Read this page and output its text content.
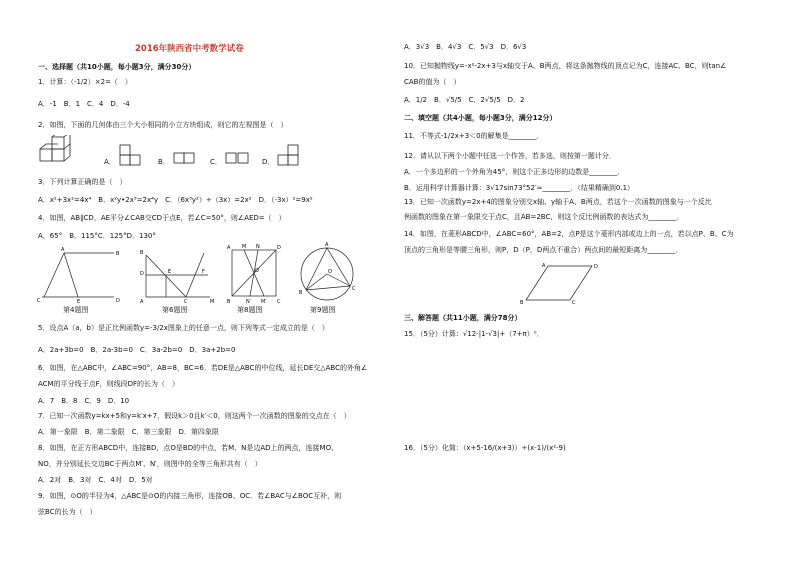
2016年陕西省中考数学试卷
一、选择题（共10小题，每小题3分，满分30分）
1．计算：（-1/2）×2=（　）
A．-1　B．1　C．4　D．-4
2．如图，下面的几何体由三个大小相同的小立方块组成，则它的左视图是（　）
A．	B．	C．	D．
3．下列计算正确的是（　）
A．x²+3x²=4x⁴　B．x²y•2x³=2x⁴y　C．（6x³y²）÷（3x）=2x²　D．（-3x）²=9x²
4．如图，AB∥CD，AE平分∠CAB交CD于点E，若∠C=50°，则∠AED=（　）
A．65°　B．115°C．125°D．130°
A
B
C	E	D
B
D	E	F
A	C	M
A M N	D
O
B	N′ M′ C
A
O
B
C
第4题图	第6题图	第8题图	第9题图
5．设点A（a，b）是正比例函数y=-3/2x图象上的任意一点，则下列等式一定成立的是（　）
A．2a+3b=0　B．2a-3b=0　C．3a-2b=0　D．3a+2b=0
6．如图，在△ABC中，∠ABC=90°，AB=8，BC=6．若DE是△ABC的中位线，延长DE交△ABC的外角∠
ACM的平分线于点F，则线段DF的长为（　）
A．7　B．8　C．9　D．10
7．已知一次函数y=kx+5和y=k′x+7，假设k＞0且k′＜0，则这两个一次函数的图象的交点在（　）
A．第一象限　B．第二象限　C．第三象限　D．第四象限
8．如图，在正方形ABCD中，连接BD，点O是BD的中点，若M、N是边AD上的两点，连接MO、
NO，并分别延长交边BC于两点M′、N′，则图中的全等三角形共有（　）
A．2对　B．3对　C．4对　D．5对
9．如图，⊙O的半径为4，△ABC是⊙O的内接三角形，连接OB、OC．若∠BAC与∠BOC互补，则
弦BC的长为（　）
A．3√3　B．4√3　C．5√3　D．6√3
10．已知抛物线y=-x²-2x+3与x轴交于A、B两点，将这条抛物线的顶点记为C，连接AC、BC，则tan∠
CAB的值为（　）
A．1/2　B．√5/5　C．2√5/5　D．2
二、填空题（共4小题，每小题3分，满分12分）
11．不等式-1/2x+3＜0的解集是________．
12．请从以下两个小题中任选一个作答，若多选，则按第一题计分．
A．一个多边形的一个外角为45°，则这个正多边形的边数是________．
B．运用科学计算器计算：3√17sin73°52′≈________．（结果精确到0.1）
13．已知一次函数y=2x+4的图象分别交x轴、y轴于A、B两点，若这个一次函数的图象与一个反比
例函数的图象在第一象限交于点C，且AB=2BC，则这个反比例函数的表达式为________．
14．如图，在菱形ABCD中，∠ABC=60°，AB=2，点P是这个菱形内部或边上的一点，若以点P、B、C为
顶点的三角形是等腰三角形，则P，D（P，D两点不重合）两点间的最短距离为________．
A	D
B	C
三、解答题（共11小题，满分78分）
15．（5分）计算：√12-|1-√3|+（7+π）⁰．
16．（5分）化简：（x+5-16/(x+3)）÷(x-1)/(x²-9)
